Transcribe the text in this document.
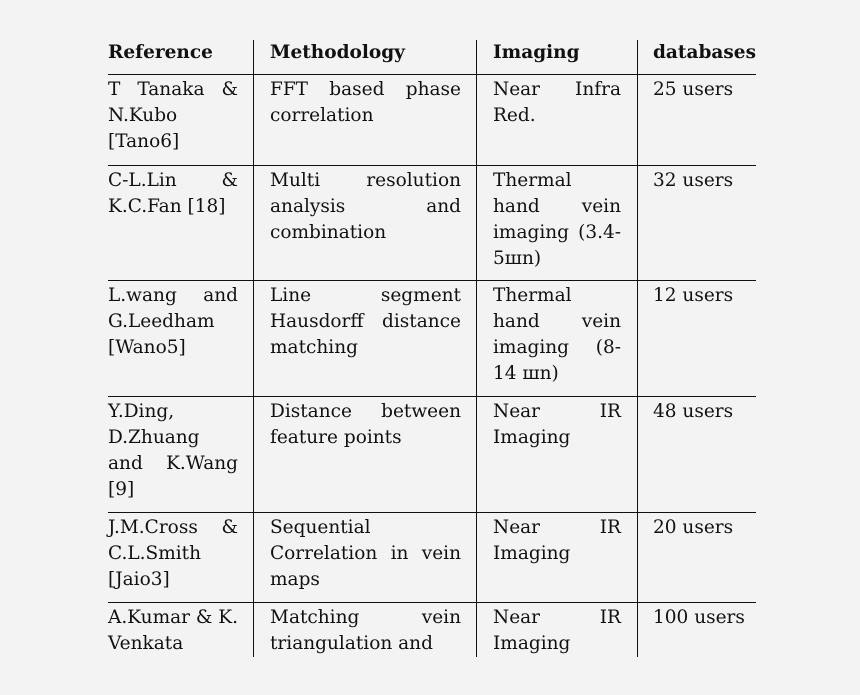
Reference	Methodology	Imaging	databases
T Tanaka & N.Kubo [Tano6]	FFT based phase correlation	Near Infra Red.	25 users
C-L.Lin & K.C.Fan [18]	Multi resolution analysis and combination	Thermal hand vein imaging (3.4-5шn)	32 users
L.wang and G.Leedham [Wano5]	Line segment Hausdorff distance matching	Thermal hand vein imaging (8-14 шn)	12 users
Y.Ding, D.Zhuang and K.Wang [9]	Distance between feature points	Near IR Imaging	48 users
J.M.Cross & C.L.Smith [Jaio3]	Sequential Correlation in vein maps	Near IR Imaging	20 users
A.Kumar & K. Venkata	Matching vein triangulation and	Near IR Imaging	100 users
